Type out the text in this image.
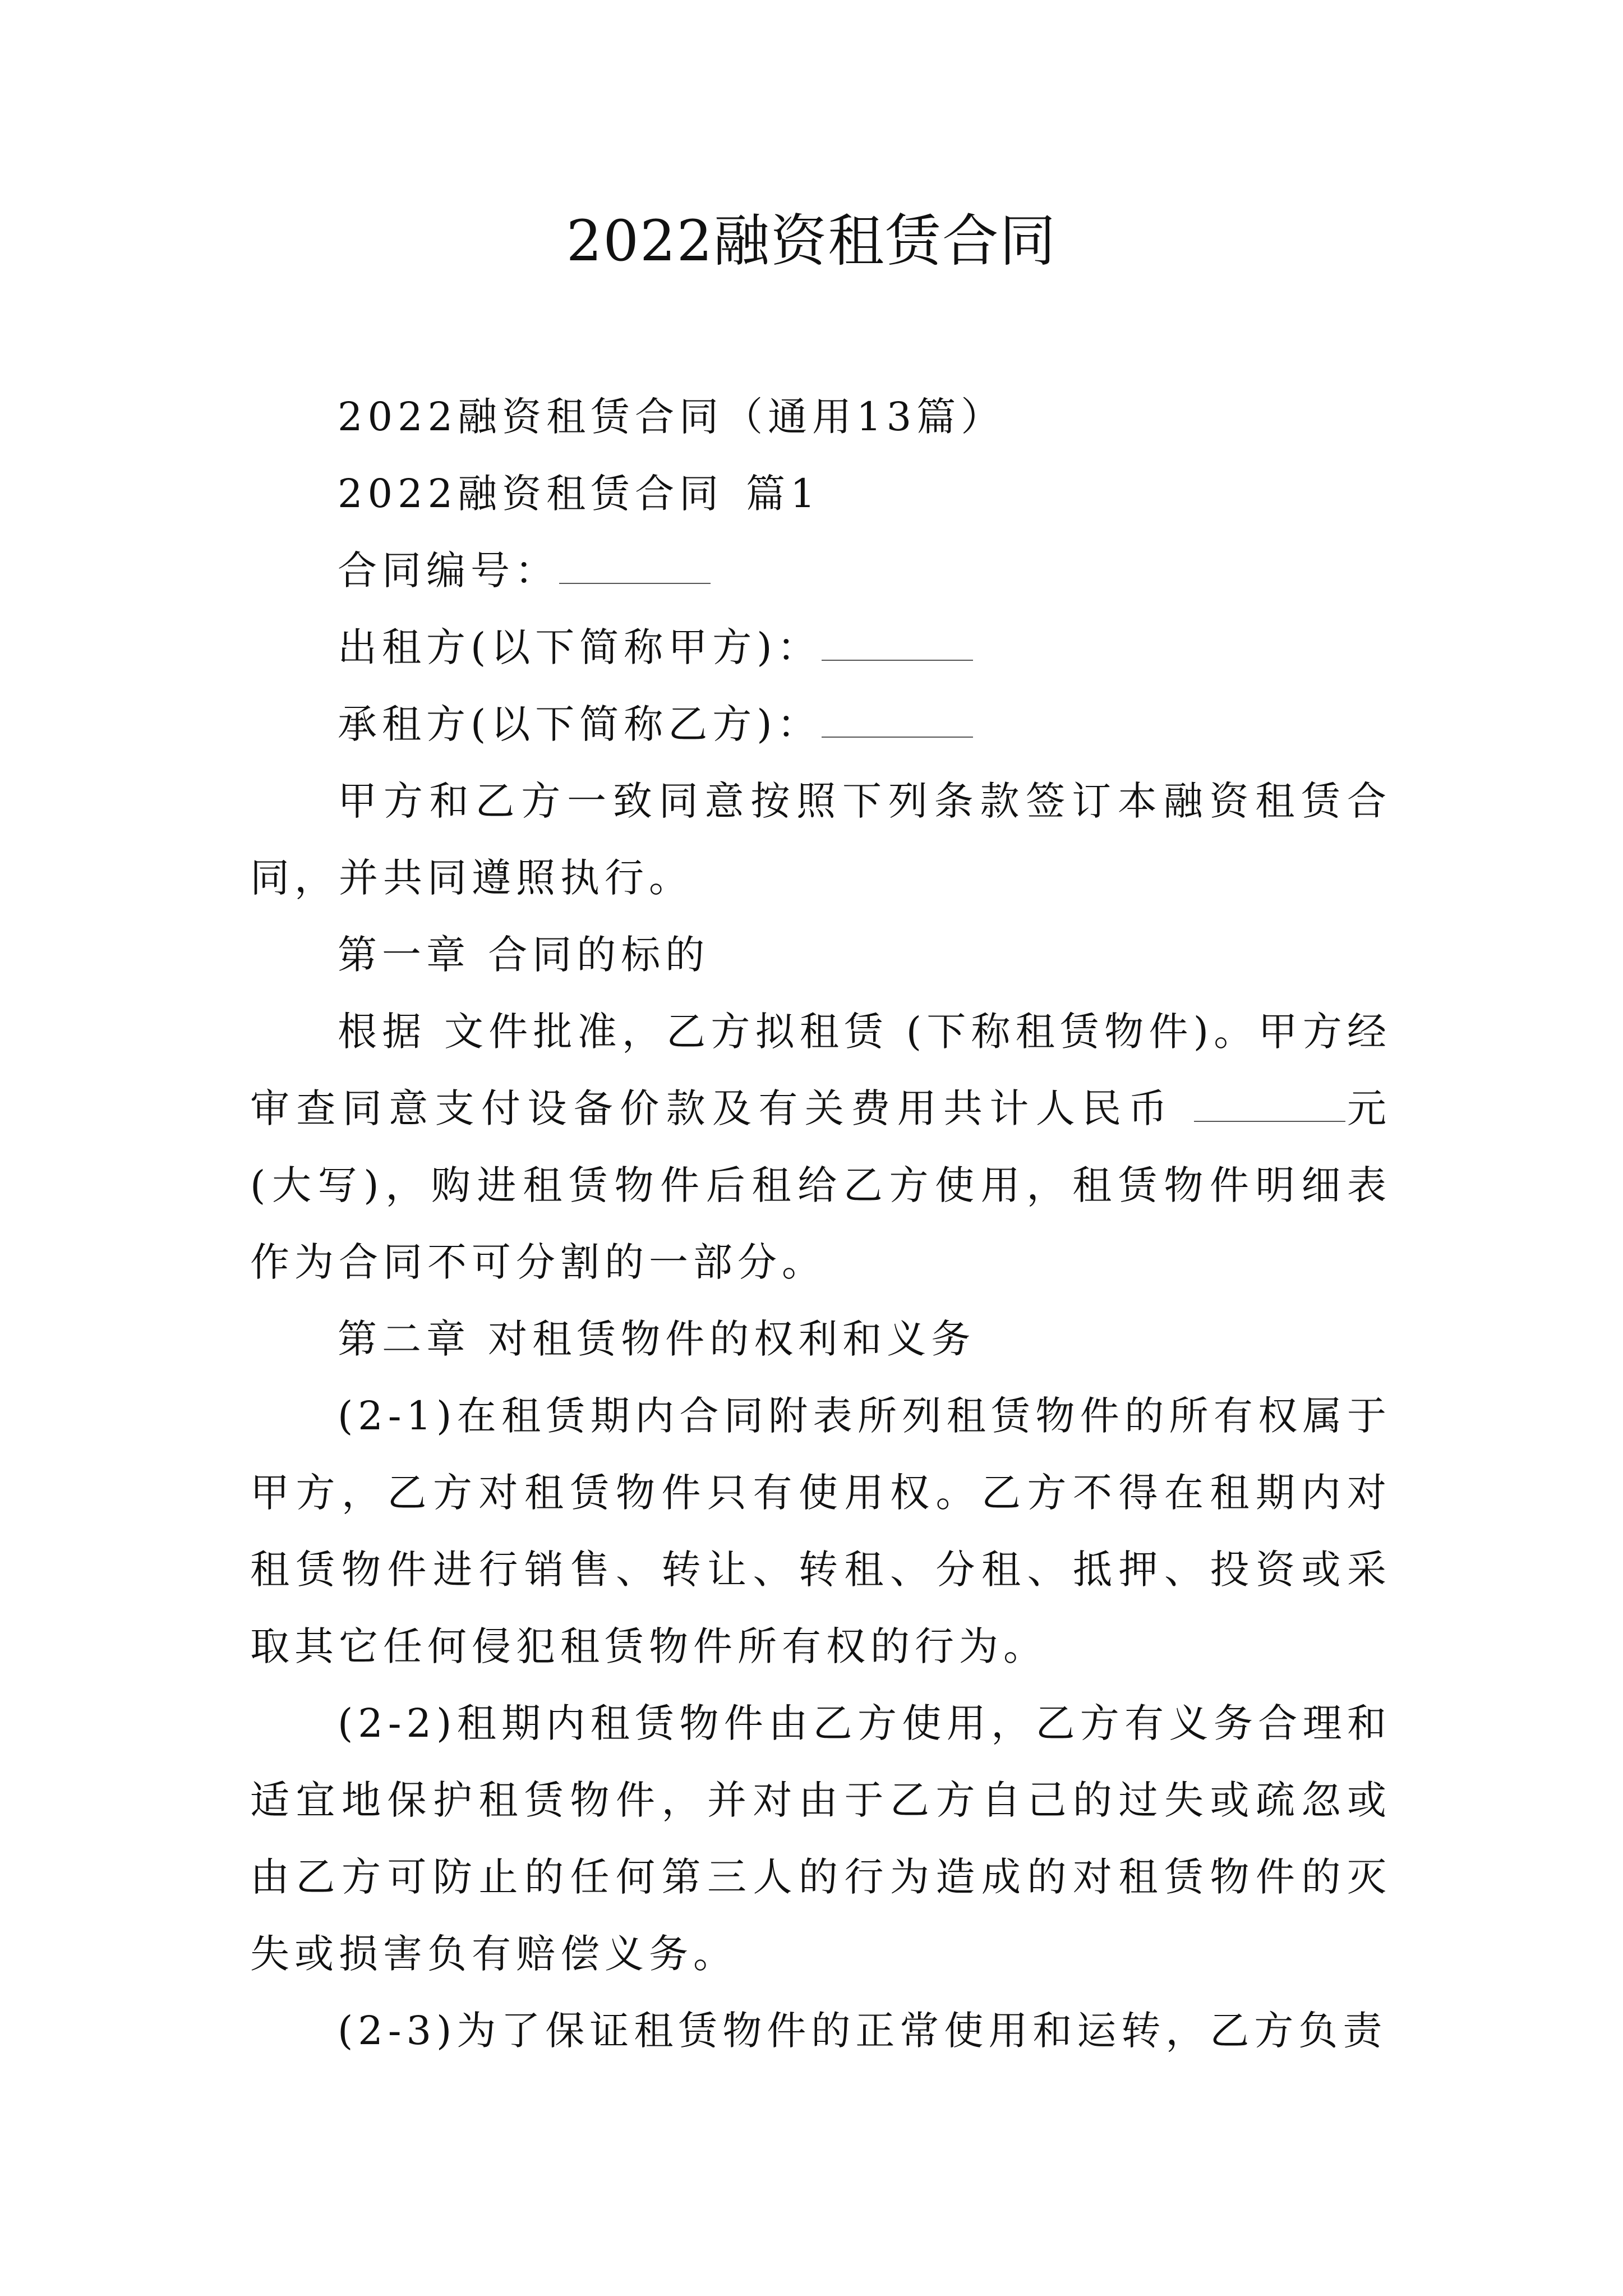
2022融资租赁合同

2022融资租赁合同（通用13篇）

2022融资租赁合同 篇1

合同编号：

出租方(以下简称甲方)：

承租方(以下简称乙方)：

甲方和乙方一致同意按照下列条款签订本融资租赁合同，并共同遵照执行。

第一章 合同的标的

根据 文件批准，乙方拟租赁 (下称租赁物件)。甲方经审查同意支付设备价款及有关费用共计人民币	元(大写)，购进租赁物件后租给乙方使用，租赁物件明细表作为合同不可分割的一部分。

第二章 对租赁物件的权利和义务

(2-1)在租赁期内合同附表所列租赁物件的所有权属于甲方，乙方对租赁物件只有使用权。乙方不得在租期内对租赁物件进行销售、转让、转租、分租、抵押、投资或采取其它任何侵犯租赁物件所有权的行为。

(2-2)租期内租赁物件由乙方使用，乙方有义务合理和适宜地保护租赁物件，并对由于乙方自己的过失或疏忽或由乙方可防止的任何第三人的行为造成的对租赁物件的灭失或损害负有赔偿义务。

(2-3)为了保证租赁物件的正常使用和运转，乙方负责
